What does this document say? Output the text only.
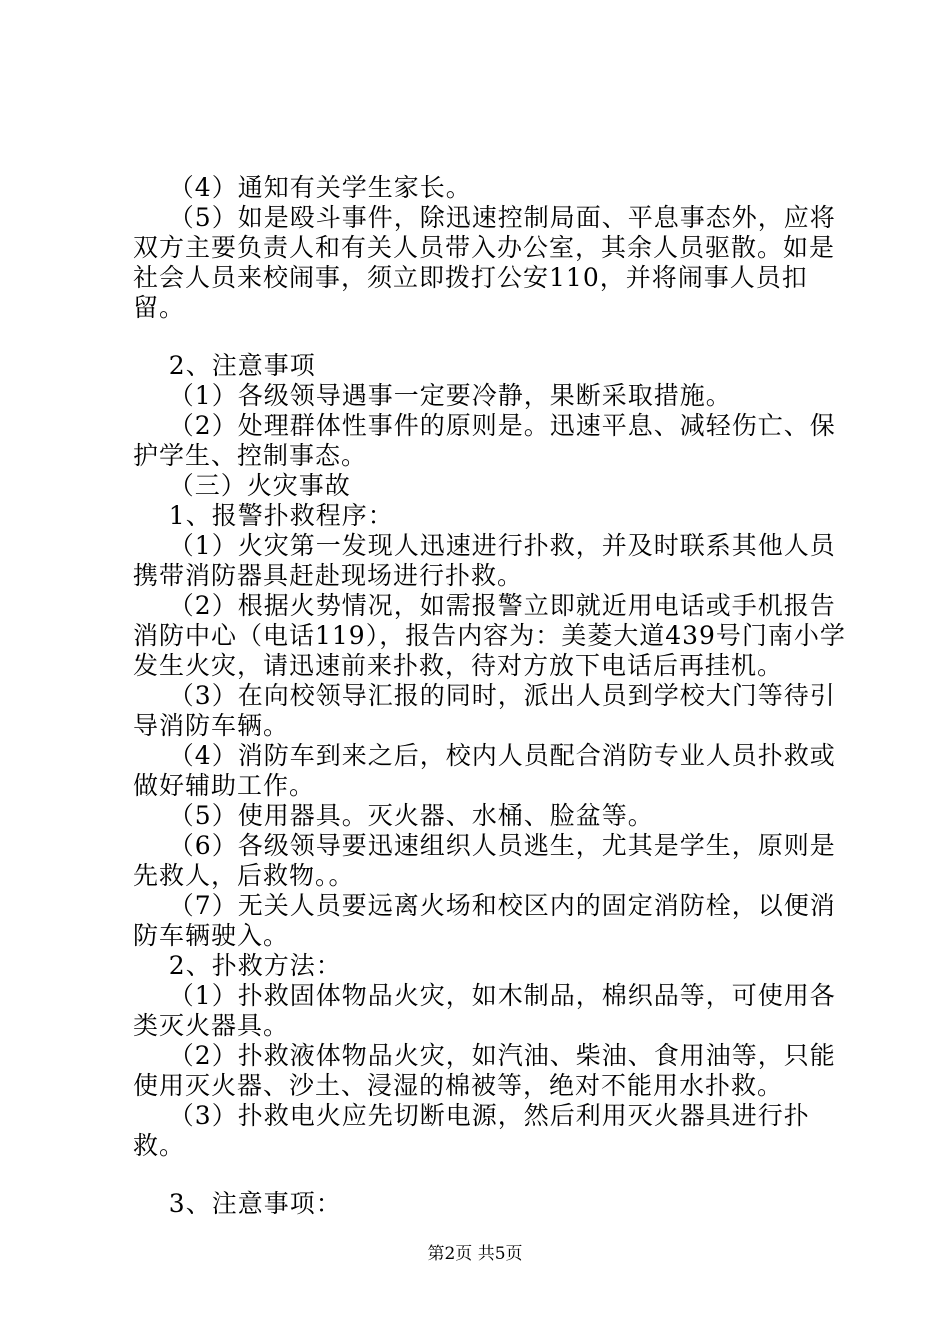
（4）通知有关学生家长。
（5）如是殴斗事件，除迅速控制局面、平息事态外，应将双方主要负责人和有关人员带入办公室，其余人员驱散。如是社会人员来校闹事，须立即拨打公安110，并将闹事人员扣留。
2、注意事项
（1）各级领导遇事一定要冷静，果断采取措施。
（2）处理群体性事件的原则是。迅速平息、减轻伤亡、保护学生、控制事态。
（三）火灾事故
1、报警扑救程序：
（1）火灾第一发现人迅速进行扑救，并及时联系其他人员携带消防器具赶赴现场进行扑救。
（2）根据火势情况，如需报警立即就近用电话或手机报告消防中心（电话119），报告内容为：美菱大道439号门南小学发生火灾，请迅速前来扑救，待对方放下电话后再挂机。
（3）在向校领导汇报的同时，派出人员到学校大门等待引导消防车辆。
（4）消防车到来之后，校内人员配合消防专业人员扑救或做好辅助工作。
（5）使用器具。灭火器、水桶、脸盆等。
（6）各级领导要迅速组织人员逃生，尤其是学生，原则是先救人，后救物。。
（7）无关人员要远离火场和校区内的固定消防栓，以便消防车辆驶入。
2、扑救方法：
（1）扑救固体物品火灾，如木制品，棉织品等，可使用各类灭火器具。
（2）扑救液体物品火灾，如汽油、柴油、食用油等，只能使用灭火器、沙土、浸湿的棉被等，绝对不能用水扑救。
（3）扑救电火应先切断电源，然后利用灭火器具进行扑救。
3、注意事项：
第2页 共5页
